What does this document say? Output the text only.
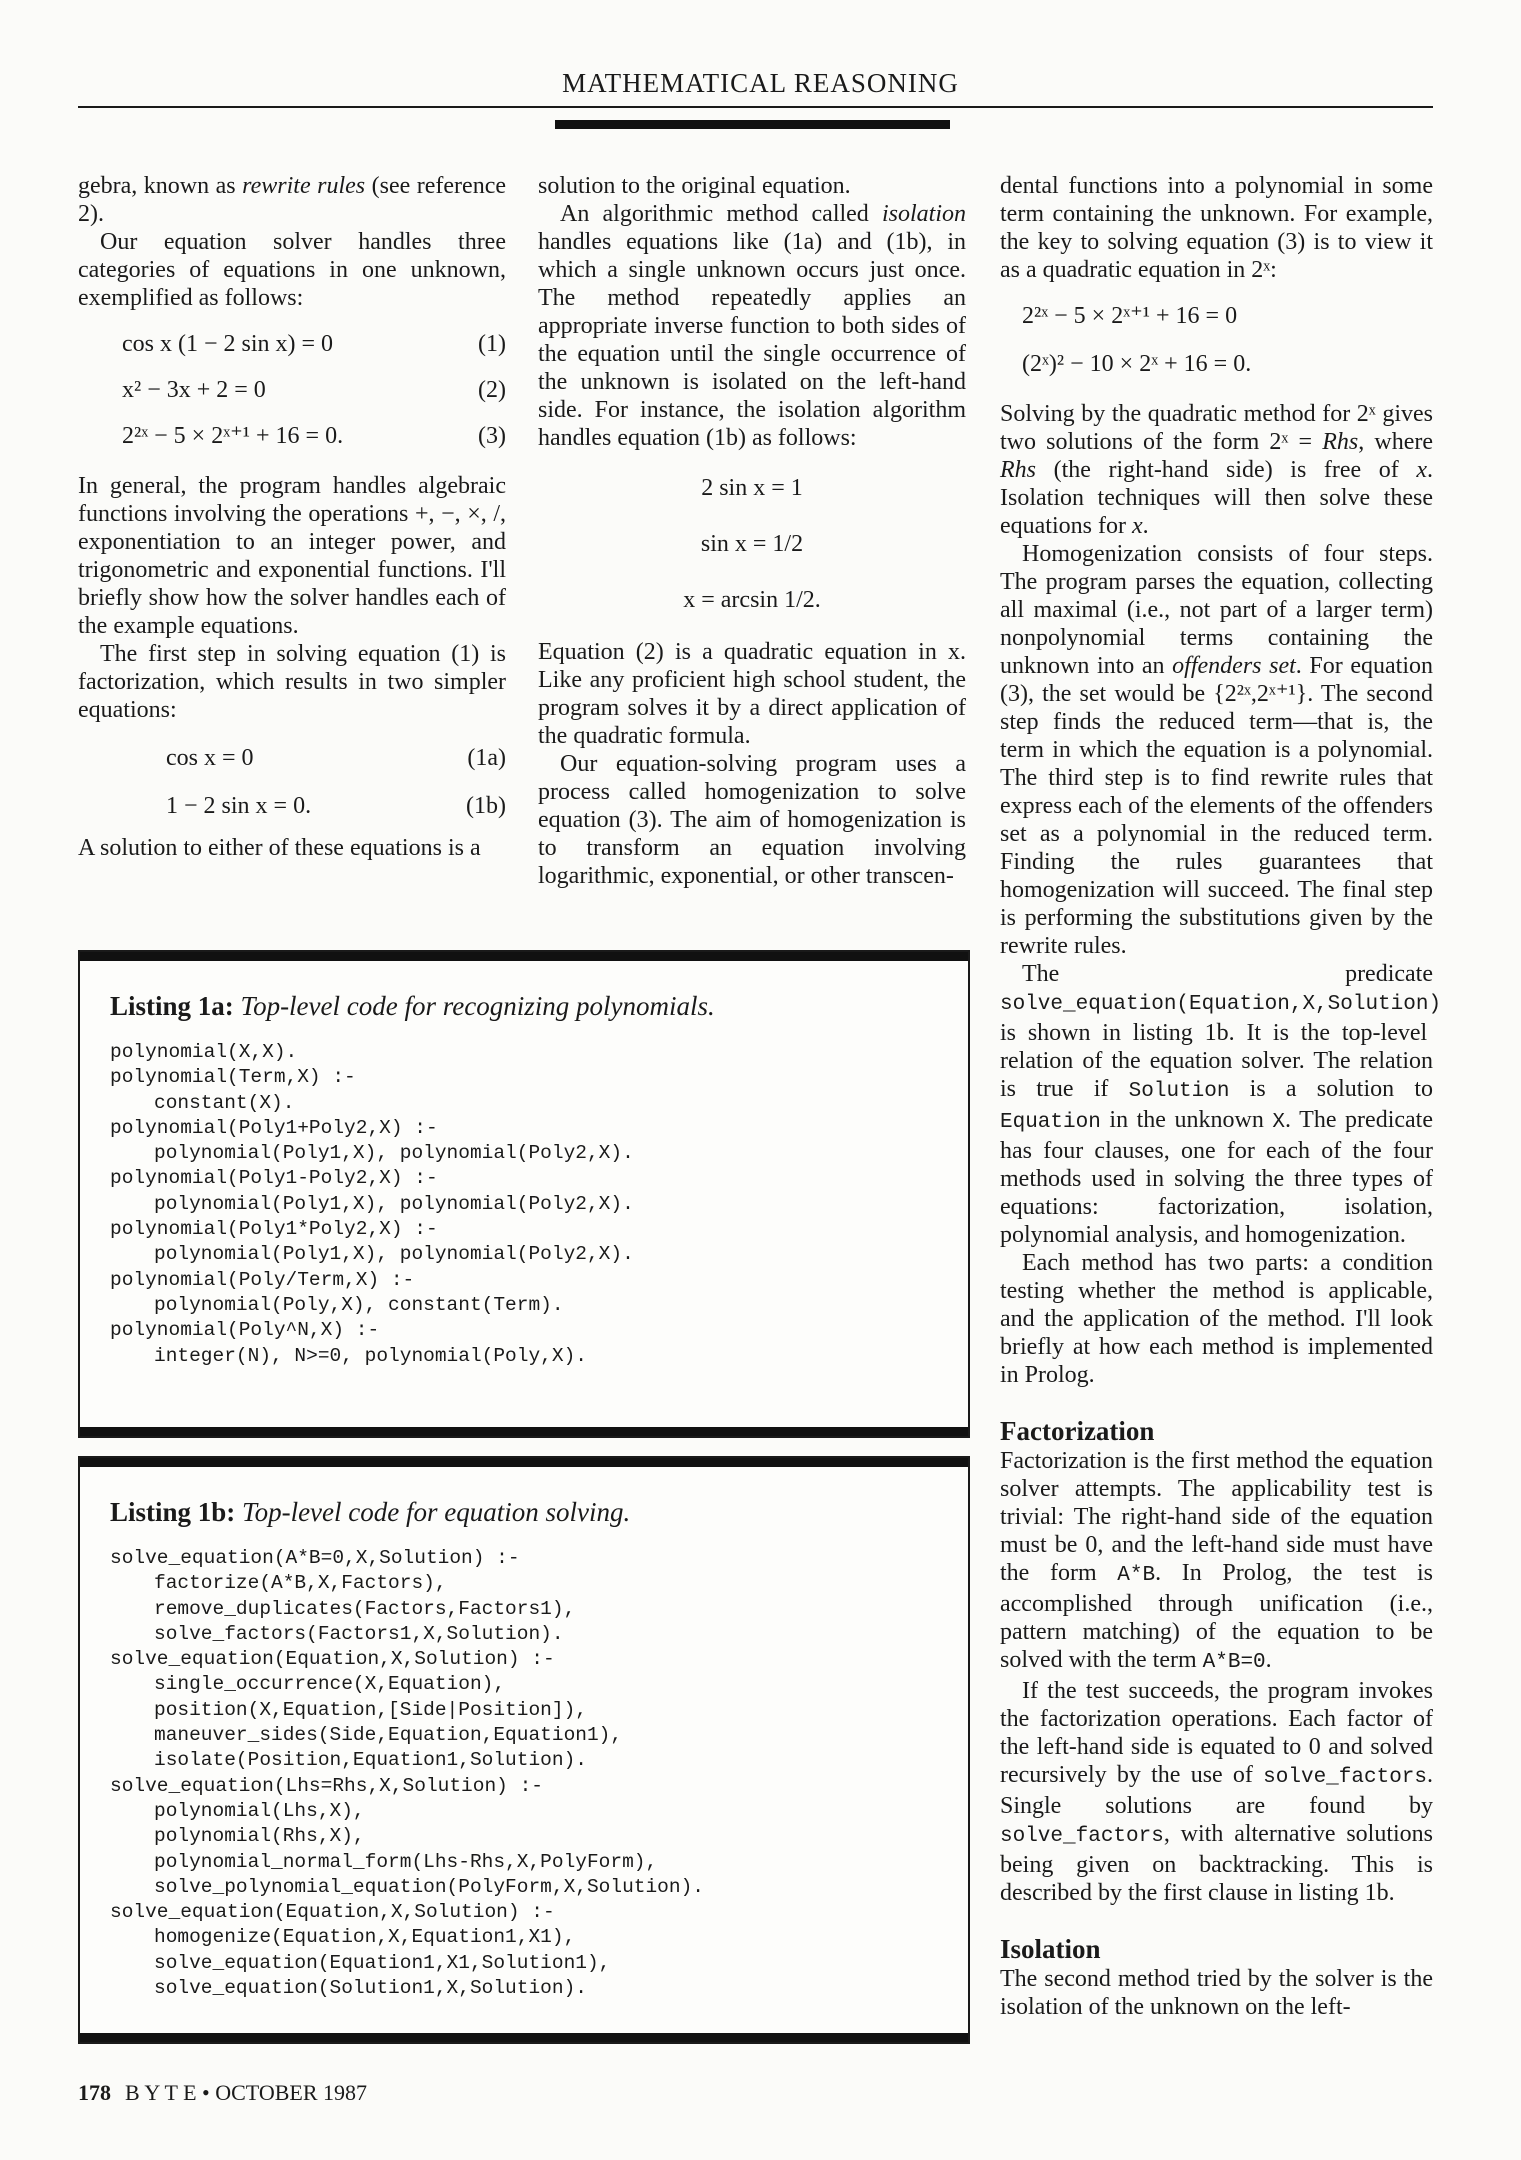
MATHEMATICAL REASONING

gebra, known as rewrite rules (see reference 2).

Our equation solver handles three categories of equations in one unknown, exemplified as follows:

cos x (1 − 2 sin x) = 0	(1)
x² − 3x + 2 = 0	(2)
2²ˣ − 5 × 2ˣ⁺¹ + 16 = 0.	(3)

In general, the program handles algebraic functions involving the operations +, −, ×, /, exponentiation to an integer power, and trigonometric and exponential functions. I'll briefly show how the solver handles each of the example equations.

The first step in solving equation (1) is factorization, which results in two simpler equations:

cos x = 0	(1a)
1 − 2 sin x = 0.	(1b)

A solution to either of these equations is a

solution to the original equation.

An algorithmic method called isolation handles equations like (1a) and (1b), in which a single unknown occurs just once. The method repeatedly applies an appropriate inverse function to both sides of the equation until the single occurrence of the unknown is isolated on the left-hand side. For instance, the isolation algorithm handles equation (1b) as follows:

2 sin x = 1
sin x = 1/2
x = arcsin 1/2.

Equation (2) is a quadratic equation in x. Like any proficient high school student, the program solves it by a direct application of the quadratic formula.

Our equation-solving program uses a process called homogenization to solve equation (3). The aim of homogenization is to transform an equation involving logarithmic, exponential, or other transcen-

dental functions into a polynomial in some term containing the unknown. For example, the key to solving equation (3) is to view it as a quadratic equation in 2ˣ:

2²ˣ − 5 × 2ˣ⁺¹ + 16 = 0
(2ˣ)² − 10 × 2ˣ + 16 = 0.

Solving by the quadratic method for 2ˣ gives two solutions of the form 2ˣ = Rhs, where Rhs (the right-hand side) is free of x. Isolation techniques will then solve these equations for x.

Homogenization consists of four steps. The program parses the equation, collecting all maximal (i.e., not part of a larger term) nonpolynomial terms containing the unknown into an offenders set. For equation (3), the set would be {2²ˣ,2ˣ⁺¹}. The second step finds the reduced term—that is, the term in which the equation is a polynomial. The third step is to find rewrite rules that express each of the elements of the offenders set as a polynomial in the reduced term. Finding the rules guarantees that homogenization will succeed. The final step is performing the substitutions given by the rewrite rules.

The predicate solve_equation(Equation,X,Solution) is shown in listing 1b. It is the top-level relation of the equation solver. The relation is true if Solution is a solution to Equation in the unknown X. The predicate has four clauses, one for each of the four methods used in solving the three types of equations: factorization, isolation, polynomial analysis, and homogenization.

Each method has two parts: a condition testing whether the method is applicable, and the application of the method. I'll look briefly at how each method is implemented in Prolog.

Factorization

Factorization is the first method the equation solver attempts. The applicability test is trivial: The right-hand side of the equation must be 0, and the left-hand side must have the form A*B. In Prolog, the test is accomplished through unification (i.e., pattern matching) of the equation to be solved with the term A*B=0.

If the test succeeds, the program invokes the factorization operations. Each factor of the left-hand side is equated to 0 and solved recursively by the use of solve_factors. Single solutions are found by solve_factors, with alternative solutions being given on backtracking. This is described by the first clause in listing 1b.

Isolation

The second method tried by the solver is the isolation of the unknown on the left-

Listing 1a: Top-level code for recognizing polynomials.
polynomial(X,X).
polynomial(Term,X) :-
constant(X).
polynomial(Poly1+Poly2,X) :-
polynomial(Poly1,X), polynomial(Poly2,X).
polynomial(Poly1-Poly2,X) :-
polynomial(Poly1,X), polynomial(Poly2,X).
polynomial(Poly1*Poly2,X) :-
polynomial(Poly1,X), polynomial(Poly2,X).
polynomial(Poly/Term,X) :-
polynomial(Poly,X), constant(Term).
polynomial(Poly^N,X) :-
integer(N), N>=0, polynomial(Poly,X).
Listing 1b: Top-level code for equation solving.
solve_equation(A*B=0,X,Solution) :-
factorize(A*B,X,Factors),
remove_duplicates(Factors,Factors1),
solve_factors(Factors1,X,Solution).
solve_equation(Equation,X,Solution) :-
single_occurrence(X,Equation),
position(X,Equation,[Side|Position]),
maneuver_sides(Side,Equation,Equation1),
isolate(Position,Equation1,Solution).
solve_equation(Lhs=Rhs,X,Solution) :-
polynomial(Lhs,X),
polynomial(Rhs,X),
polynomial_normal_form(Lhs-Rhs,X,PolyForm),
solve_polynomial_equation(PolyForm,X,Solution).
solve_equation(Equation,X,Solution) :-
homogenize(Equation,X,Equation1,X1),
solve_equation(Equation1,X1,Solution1),
solve_equation(Solution1,X,Solution).
178 B Y T E • OCTOBER 1987
